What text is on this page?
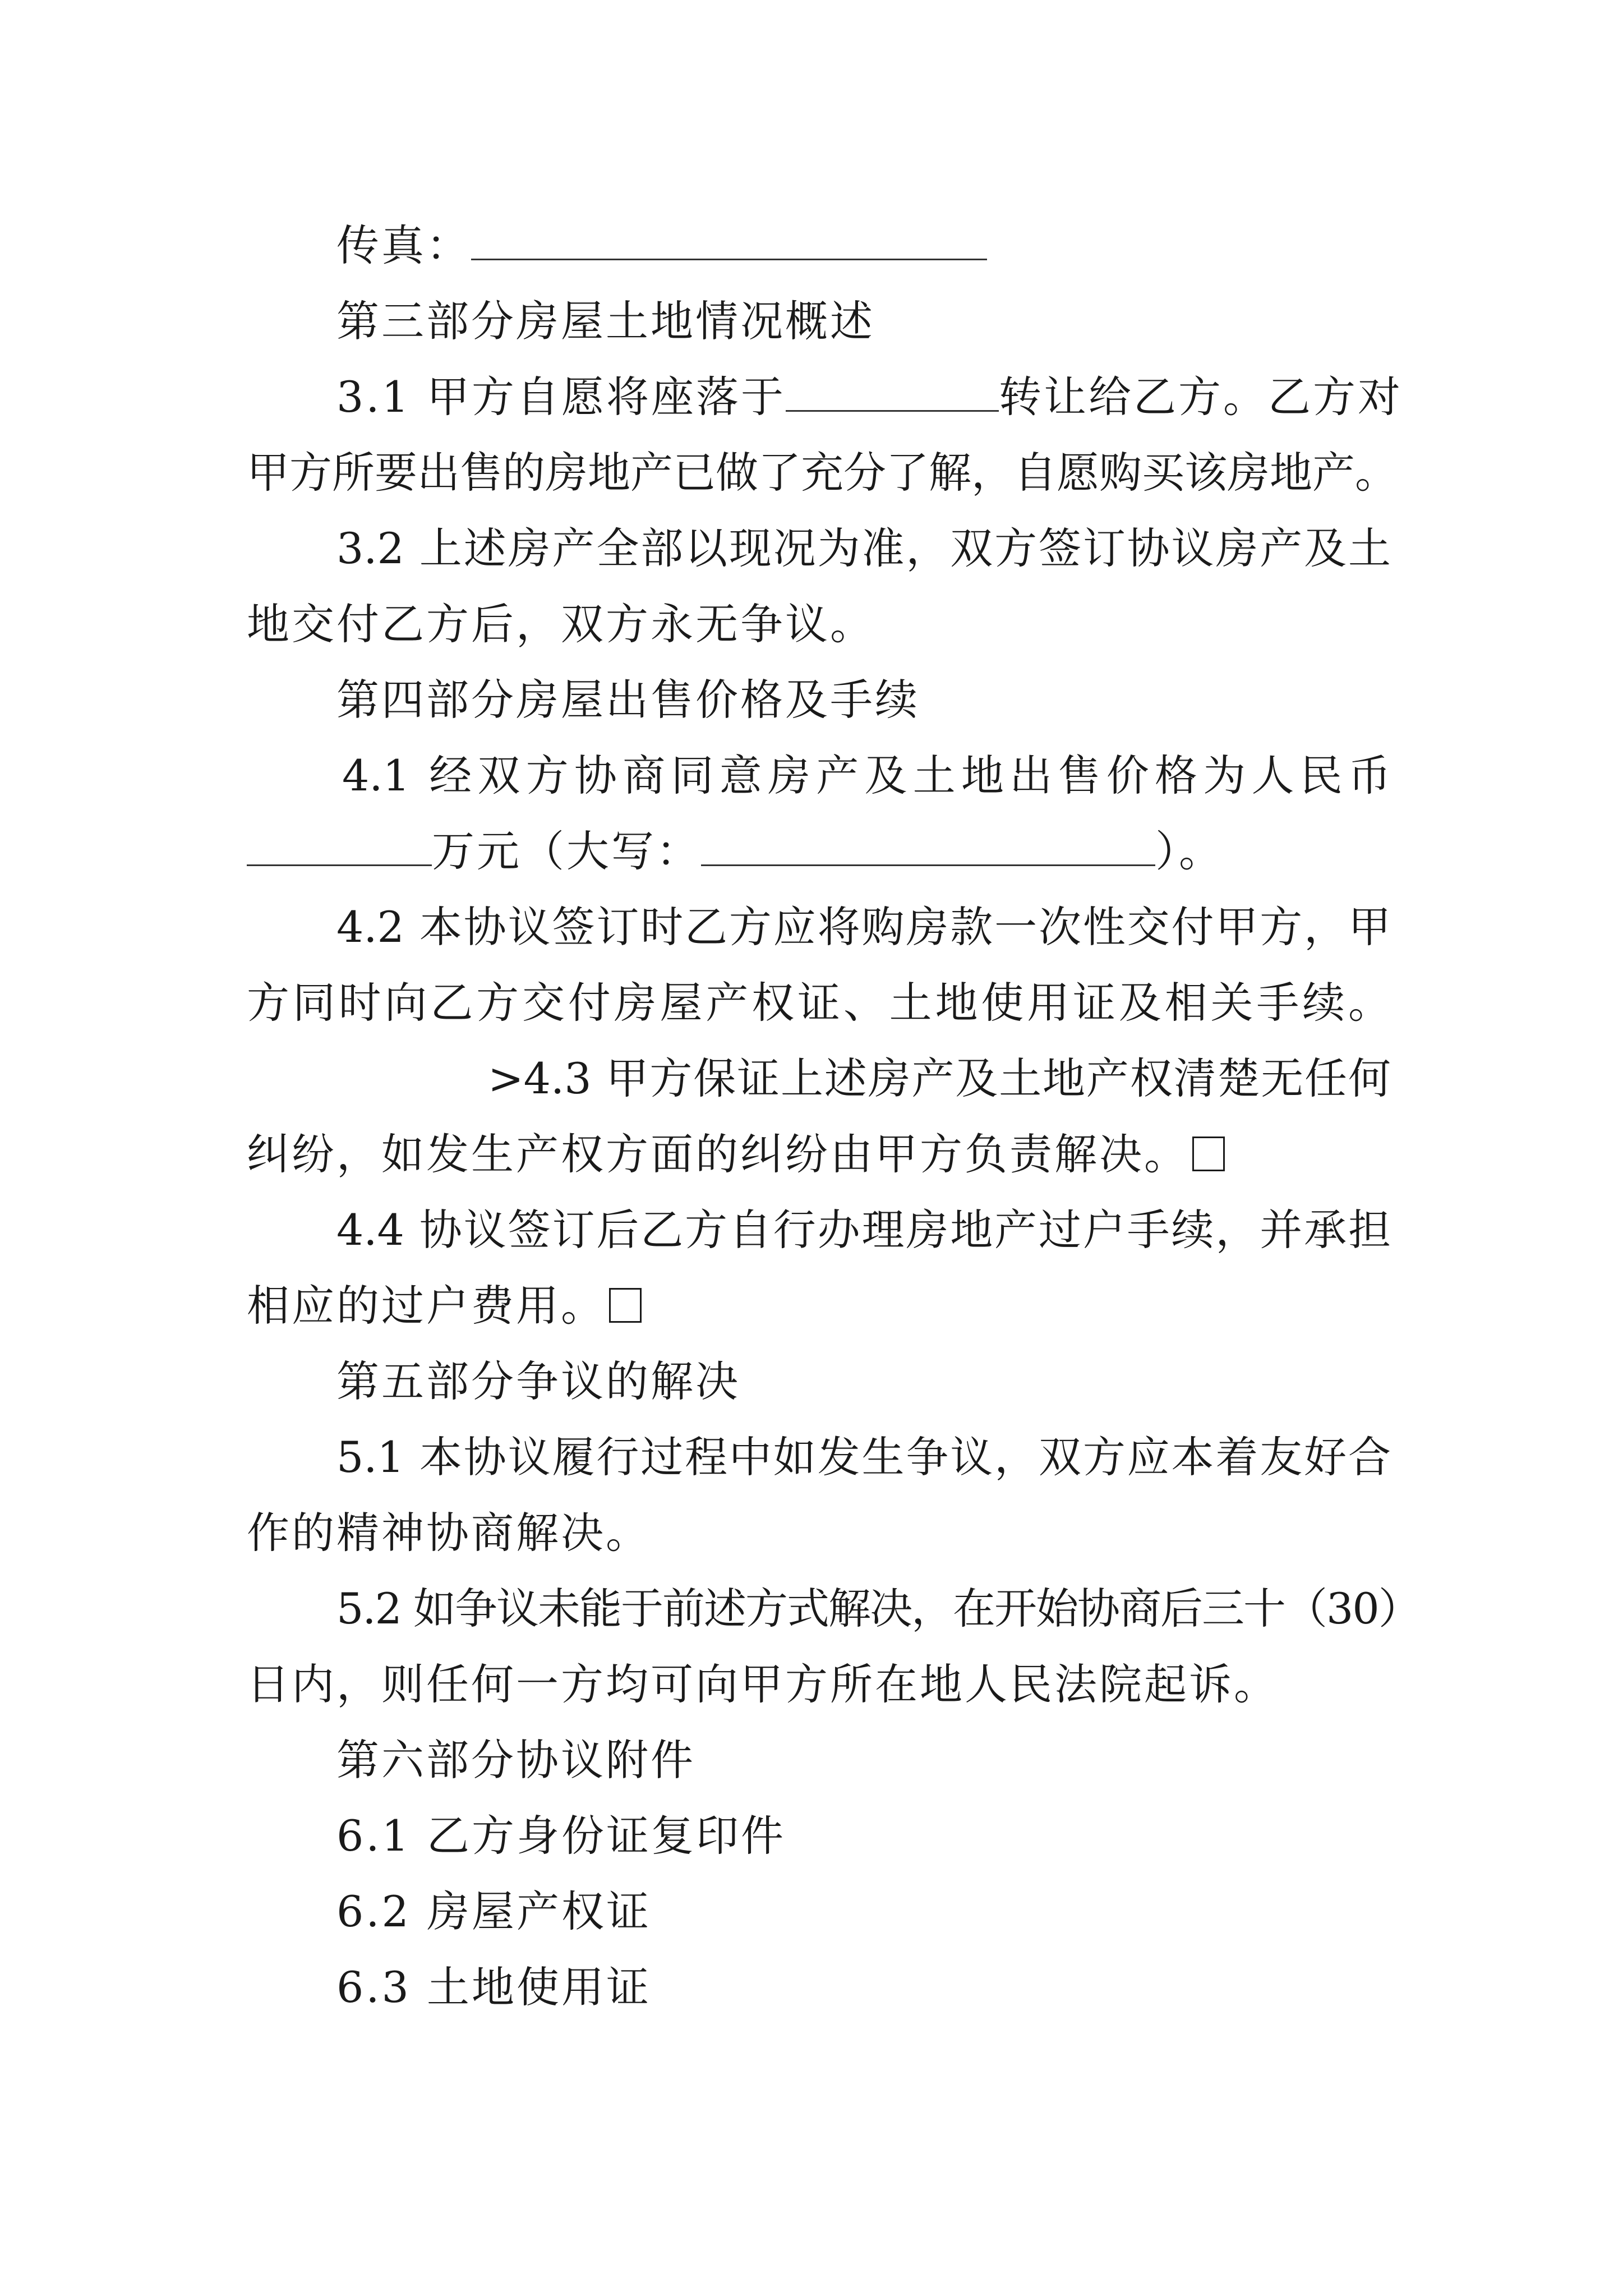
传真：
第三部分房屋土地情况概述
3.1 甲方自愿将座落于	转让给乙方。乙方对
甲方所要出售的房地产已做了充分了解，自愿购买该房地产。
3.2 上述房产全部以现况为准，双方签订协议房产及土
地交付乙方后，双方永无争议。
第四部分房屋出售价格及手续
4.1 经双方协商同意房产及土地出售价格为人民币
万元（大写：	）。
4.2 本协议签订时乙方应将购房款一次性交付甲方，甲
方同时向乙方交付房屋产权证、土地使用证及相关手续。
>4.3 甲方保证上述房产及土地产权清楚无任何
纠纷，如发生产权方面的纠纷由甲方负责解决。
4.4 协议签订后乙方自行办理房地产过户手续，并承担
相应的过户费用。
第五部分争议的解决
5.1 本协议履行过程中如发生争议，双方应本着友好合
作的精神协商解决。
5.2 如争议未能于前述方式解决，在开始协商后三十（30）
日内，则任何一方均可向甲方所在地人民法院起诉。
第六部分协议附件
6.1 乙方身份证复印件
6.2 房屋产权证
6.3 土地使用证
